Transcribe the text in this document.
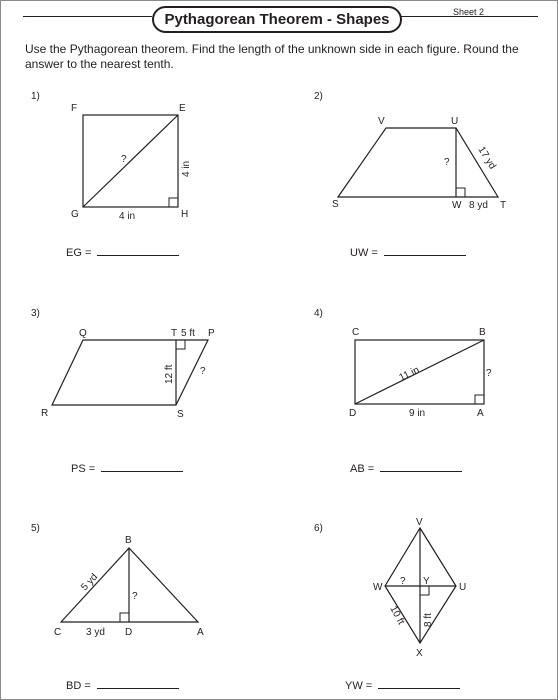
Pythagorean Theorem - Shapes	Sheet 2
Use the Pythagorean theorem. Find the length of the unknown side in each figure. Round the answer to the nearest tenth.
1)	2)
3)	4)
5)	6)
EG =	UW =
PS =	AB =
BD =	YW =
F	E
G	H
4 in
4 in
?
V	U
S	W	T
17 yd
8 yd
?
Q	T	P
R	S
5 ft
12 ft	?
C	B
D	A
11 in
9 in
?
B
C	D	A
5 yd
3 yd
?
V
W
Y
U
X
10 ft 8 ft
?
